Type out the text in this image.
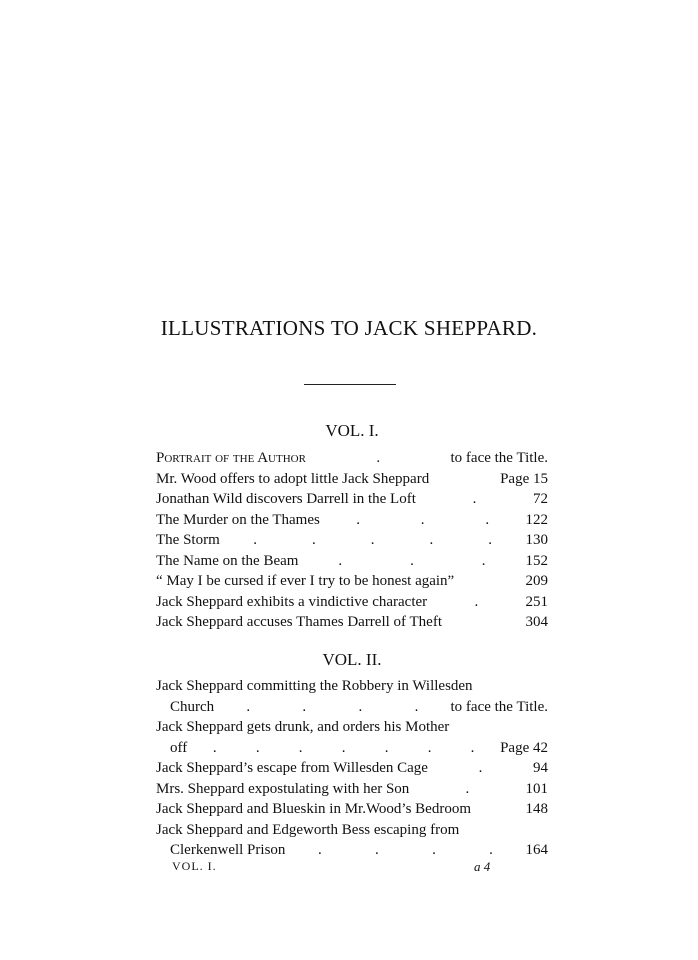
ILLUSTRATIONS TO JACK SHEPPARD.
VOL. I.
Portrait of the Author	.	to face the Title.
Mr. Wood offers to adopt little Jack Sheppard	Page 15
Jonathan Wild discovers Darrell in the Loft	.	72
The Murder on the Thames .	.	. 122
The Storm .	.	.	.	. 130
The Name on the Beam	.	.	.	152
“ May I be cursed if ever I try to be honest again”	209
Jack Sheppard exhibits a vindictive character	.	251
Jack Sheppard accuses Thames Darrell of Theft	304
VOL. II.
Jack Sheppard committing the Robbery in Willesden
Church .	.	.	. to face the Title.
Jack Sheppard gets drunk, and orders his Mother
off .	.	.	.	.	.	. Page 42
Jack Sheppard’s escape from Willesden Cage	.	94
Mrs. Sheppard expostulating with her Son	.	101
Jack Sheppard and Blueskin in Mr.Wood’s Bedroom	148
Jack Sheppard and Edgeworth Bess escaping from
Clerkenwell Prison .	.	.	. 164
VOL. I.	a 4
